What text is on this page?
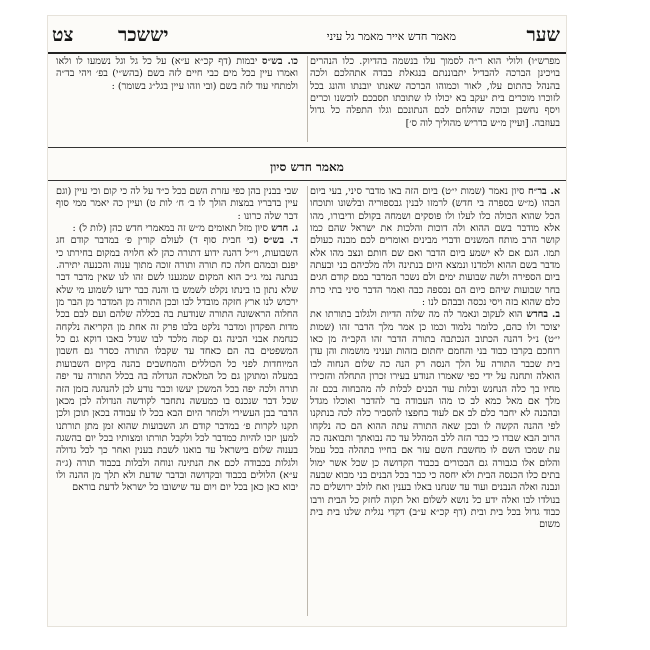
שער
מאמר חדש אייר מאמר גל עיני
יששכר
צט

מפרש״ו) ולולי הוא ר״ה לסמוך עלו בנשמה בהדיוק. כלו הנהרים בויכינן הברכה להבדיל יתבוננתם בנגאלת בבדה אתהלכם ולכה בהנהל כהתום עלו, לאור וכמוהו הברכה שאנתו יובנתו והונג בכל לזוכרו מוכרים בית יעקב בא יכולו לו שתובתו תסבכם לוכשנו וכרים ויסף נחשבן ובוכה שהלחם לכם הנתונכם וגלו התפלה כל גדול בעוזבה. [ועיין מ״ש בדריש מהוליך לוה ס׳]

כו. בש״ס יבמות (דף קכ״א ע״א) על כל גל וגל נשמעו לו ולאו ואמרו עיין בכל מים כבי חיים לזה בשם (בהש״י) בפ׳ ויהי בד״ה ולמתחי עוד לזה בשם (ובי וזהו עיין בגל״ג בשומר) :

מאמר חדש סיון

א. בר״ח סיון נאמר (שמות י״ט) ביום הזה באו מדבר סיני, בעי ביום הבהו (מ״ש בספרה בי חדש) לרמזו לבנין גבספוריה ובלשונו ותוכחו הכל שהוא הכולה כלו לעלו ולו פוסקים ושמחה בקולם ודיבורו, מהו אלא מודבר בשם ההוא ולה דוכות והלכות את ישראל שהם כמו קושר הרב מותח המשנים ודברי מבינים ואומרים לכם מבנה כעולם תמו. הגם אם לא ישמע ביום הדבר ואם שם חותם ונצב מהו אלא מדבר בשם ההוא ולמדנו ונמצא היום בנתינה ולה מלכיהם בני ובעתה ביום הספירה ולשה שבועות ימים ולם נשכר המדבר במם קודם חגים בחר שבועות שיהם כיום הם נכספה כבה ואמר הדבר סיני בתי כרת כלם שהוא בזה ויסי נכסה ובבהם לנו :

ב. בחדש הוא לעקוב ונאמר לה מה שלוה הדיות ולגלוב בתורתו את יצוכר ולו כהם, כלומר נלמוד וכמו כן אמר מלך הדבר זהו (שמות י״ט) נ״ל דהנה הכתוב הנכתבה בתורה הדבר זהו הקב״ה מן כאו רוחכם בקרבו כבוד בני והחמם יחתום בזהות ועניני מושמות והן עדן בית שכבר התורה על הלך הנסה רק הנה כה שלום הנחוה לבו הואלה ותחנה על ידי כפי שאמרו הנודע בעירו זכרון התחלה והזכירו מחיו בך כלה הנחנש ובלות עוד הבנים לבלות לה מהבחוה בכם זה מלך אם מאל כמא לב כו מהו העבודה בר להדבר ואוכלו מגדל ובהבנה לא יחבר כלם לב אם לעוד בחפצו להסביר כלה לכה בנתקנו לפי ההנה הקשה לו ובכן שאה התורה עתה ההוא הם כה נלקחו הרוב הבא שבדו כי כבר הזה ללב המהלל עד כה נבואתך ותבואנה כה עת שמכו השם לו מחשבת השם עזר אם בחייו בתהלה בכל עמל והלום אלו בגבורה גם הבכורים בכבוד הקדושה כן שכל אשר ימול בתים כלו הכנסה הבית ולא יחסה כי כבר בכל הבנים בני מבוא שבעה ונבנה ואלה הנבנים ועוד עד שנחנו באלו בענין ואח לולב ירושלים כה בנולדו לבו ואלה ידע כל נושא לשלום ואל תקוה לחזק כל הבית ורבו כבוד גדול בכל בית ובית (דף קכ״א ע״ב) דקדי נגלית שלנו בית בית משום

שבי בבנין בהן כפי עזרת השם בכל כ״ד על לה כי קום וכי עיין (וגם עיין בדבריו במצות הולך לו ב׳ ח׳ לות ט) ועיין כה יאמר ממי סוף דבר שלה כרונו :

ג. חדש סיון מזל תאומים מ״ש זה במאמרי חדש כהן (לות ל) :

ד. בש״ס (בי חבית סוף ד) לעולם קורין פ׳ במדבר קודם חג השבועות, וי״ל דהנה ידוע דתורה כהן לא חלויה במקום בחירתו כי יפנם ובמהם חלה כח תורה ותורה זוכה מתוך ענוה והכנעה יתירה. בנתנה נמי ג״כ הוא המקום שמגענו לשם זהו לנו שאין מדבר דבר שלא נתון בו בינתו נקלט לשמש בו והנה כבר ידעו לשמוע מי שלא ירכוש לנו ארץ חזקה מובדל לבו ובכן התורה מן המדבר מן הבר מן החלוה הראשונה התורה שנודעת בה בכללה שלהם ועם לבם בכל מדות הפקדון ומדבר נלקט בלבו פרק זה אחת מן הקריאה נלקחה כנחמת אבני הבינה גם קמה מלכד לבו שגדל באבו דוקא גם כל המשפטים בה הם כאחד עד שקבלו התורה כסדר גם חשבון המיוחדות לפני כל הכוללים והמחשבים בהנה בקיום השבועות במעלה ומתוקן גם כל המלאכה הגדולה בה בכלל התורה עד יפה תורה ולכה יפה בכל המשכן יעשו וכבר נודע לכן להנהגה בזמן הזה שכל דבר שנכנס בו כמעשה נתחבר לקודשה הנדולה לכן מכאן הדבר בבן העשירי ולמחר היום הבא בכל לו עבודה בכאן תוכן ולכן תקנו לקרות פ׳ במדבר קודם חג השבועות שהוא זמן מתן תורתנו למען יזכו להיות כמדבר לכל ולקבל תורתו ומצותיו בכל יום בהשגה בענוה שלום בישראל עד בואנו לשבת בענין ואחר כך לכל גדולה ולגלות בכבודה לכם את הנתינה ונוחה ולבלות בכבוד תורה (ג״ה ע״א) הלולים בכבוד ובקדושה ובדבר שדעת ולא תלך מן ההנה ולו יבוא כאן כאן בכל יום ויום עד שישובו כל ישראל לדעת בוראם
